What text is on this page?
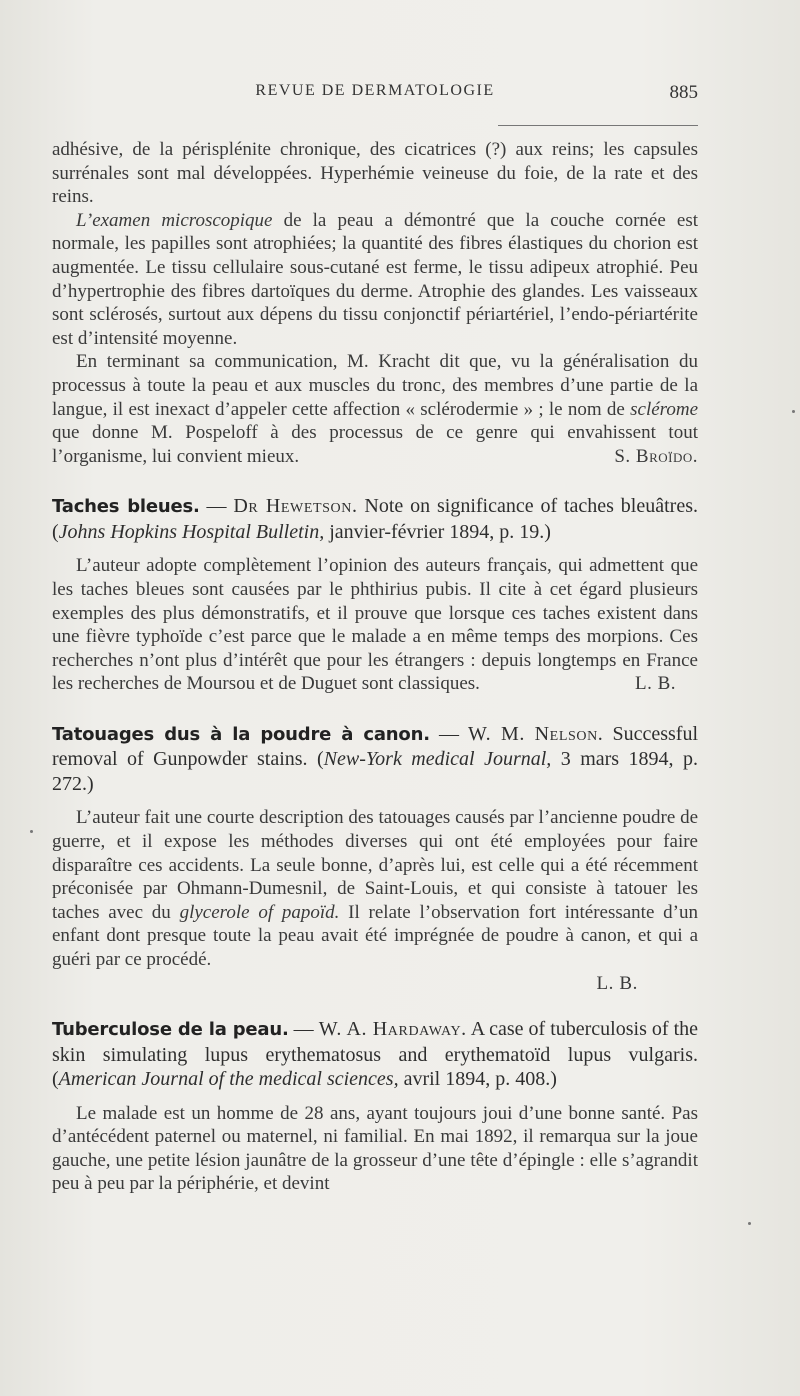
REVUE DE DERMATOLOGIE	885

adhésive, de la périsplénite chronique, des cicatrices (?) aux reins; les capsules surrénales sont mal développées. Hyperhémie veineuse du foie, de la rate et des reins.

L’examen microscopique de la peau a démontré que la couche cornée est normale, les papilles sont atrophiées; la quantité des fibres élastiques du chorion est augmentée. Le tissu cellulaire sous-cutané est ferme, le tissu adipeux atrophié. Peu d’hypertrophie des fibres dartoïques du derme. Atrophie des glandes. Les vaisseaux sont sclérosés, surtout aux dépens du tissu conjonctif périartériel, l’endo-périartérite est d’intensité moyenne.

En terminant sa communication, M. Kracht dit que, vu la généralisation du processus à toute la peau et aux muscles du tronc, des membres d’une partie de la langue, il est inexact d’appeler cette affection « sclérodermie » ; le nom de sclérome que donne M. Pospeloff à des processus de ce genre qui envahissent tout l’organisme, lui convient mieux.	S. Broïdo.

Taches bleues. — Dr Hewetson. Note on significance of taches bleuâtres. (Johns Hopkins Hospital Bulletin, janvier-février 1894, p. 19.)

L’auteur adopte complètement l’opinion des auteurs français, qui admettent que les taches bleues sont causées par le phthirius pubis. Il cite à cet égard plusieurs exemples des plus démonstratifs, et il prouve que lorsque ces taches existent dans une fièvre typhoïde c’est parce que le malade a en même temps des morpions. Ces recherches n’ont plus d’intérêt que pour les étrangers : depuis longtemps en France les recherches de Moursou et de Duguet sont classiques.	L. B.

Tatouages dus à la poudre à canon. — W. M. Nelson. Successful removal of Gunpowder stains. (New-York medical Journal, 3 mars 1894, p. 272.)

L’auteur fait une courte description des tatouages causés par l’ancienne poudre de guerre, et il expose les méthodes diverses qui ont été employées pour faire disparaître ces accidents. La seule bonne, d’après lui, est celle qui a été récemment préconisée par Ohmann-Dumesnil, de Saint-Louis, et qui consiste à tatouer les taches avec du glycerole of papoïd. Il relate l’observation fort intéressante d’un enfant dont presque toute la peau avait été imprégnée de poudre à canon, et qui a guéri par ce procédé.

L. B.

Tuberculose de la peau. — W. A. Hardaway. A case of tuberculosis of the skin simulating lupus erythematosus and erythematoïd lupus vulgaris. (American Journal of the medical sciences, avril 1894, p. 408.)

Le malade est un homme de 28 ans, ayant toujours joui d’une bonne santé. Pas d’antécédent paternel ou maternel, ni familial. En mai 1892, il remarqua sur la joue gauche, une petite lésion jaunâtre de la grosseur d’une tête d’épingle : elle s’agrandit peu à peu par la périphérie, et devint
